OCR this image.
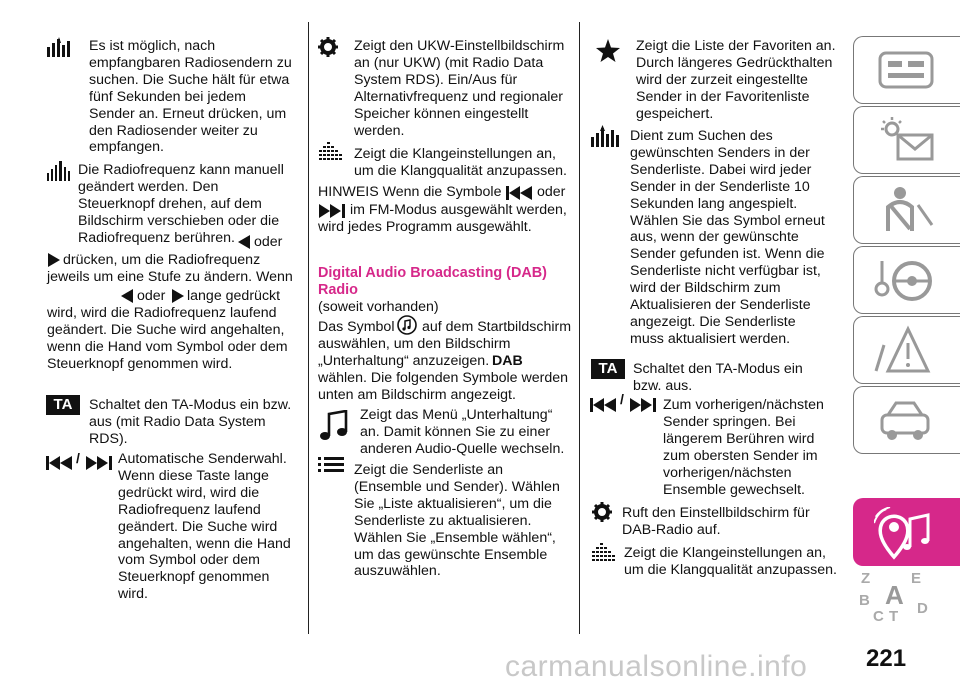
Es ist möglich, nach empfangbaren Radiosendern zu suchen. Die Suche hält für etwa fünf Sekunden bei jedem Sender an. Erneut drücken, um den Radiosender weiter zu empfangen.

Die Radiofrequenz kann manuell geändert werden. Den Steuerknopf drehen, auf dem Bildschirm verschieben oder die Radiofrequenz berühren.	oder

drücken, um die Radiofrequenz jeweils um eine Stufe zu ändern. Wenn

oder	lange gedrückt wird, wird die Radiofrequenz laufend geändert. Die Suche wird angehalten, wenn die Hand vom Symbol oder dem Steuerknopf genommen wird.

TA	Schaltet den TA-Modus ein bzw. aus (mit Radio Data System RDS).

/	Automatische Senderwahl. Wenn diese Taste lange gedrückt wird, wird die Radiofrequenz laufend geändert. Die Suche wird angehalten, wenn die Hand vom Symbol oder dem Steuerknopf genommen wird.

Zeigt den UKW-Einstellbildschirm an (nur UKW) (mit Radio Data System RDS). Ein/Aus für Alternativfrequenz und regionaler Speicher können eingestellt werden.

Zeigt die Klangeinstellungen an, um die Klangqualität anzupassen.

HINWEIS Wenn die Symbole	oder

im FM-Modus ausgewählt werden, wird jedes Programm ausgewählt.

Digital Audio Broadcasting (DAB) Radio

(soweit vorhanden)

Das Symbol	auf dem Startbildschirm auswählen, um den Bildschirm „Unterhaltung“ anzuzeigen. DAB

wählen. Die folgenden Symbole werden unten am Bildschirm angezeigt.

Zeigt das Menü „Unterhaltung“ an. Damit können Sie zu einer anderen Audio-Quelle wechseln.

Zeigt die Senderliste an (Ensemble und Sender). Wählen Sie „Liste aktualisieren“, um die Senderliste zu aktualisieren. Wählen Sie „Ensemble wählen“, um das gewünschte Ensemble auszuwählen.

Zeigt die Liste der Favoriten an. Durch längeres Gedrückthalten wird der zurzeit eingestellte Sender in der Favoritenliste gespeichert.

Dient zum Suchen des gewünschten Senders in der Senderliste. Dabei wird jeder Sender in der Senderliste 10 Sekunden lang angespielt. Wählen Sie das Symbol erneut aus, wenn der gewünschte Sender gefunden ist. Wenn die Senderliste nicht verfügbar ist, wird der Bildschirm zum Aktualisieren der Senderliste angezeigt. Die Senderliste muss aktualisiert werden.

TA	Schaltet den TA-Modus ein bzw. aus.

/	Zum vorherigen/nächsten Sender springen. Bei längerem Berühren wird zum obersten Sender im vorherigen/nächsten Ensemble gewechselt.

Ruft den Einstellbildschirm für DAB-Radio auf.

Zeigt die Klangeinstellungen an, um die Klangqualität anzupassen.

Z	E
A
B
C T D
221
carmanualsonline.info
